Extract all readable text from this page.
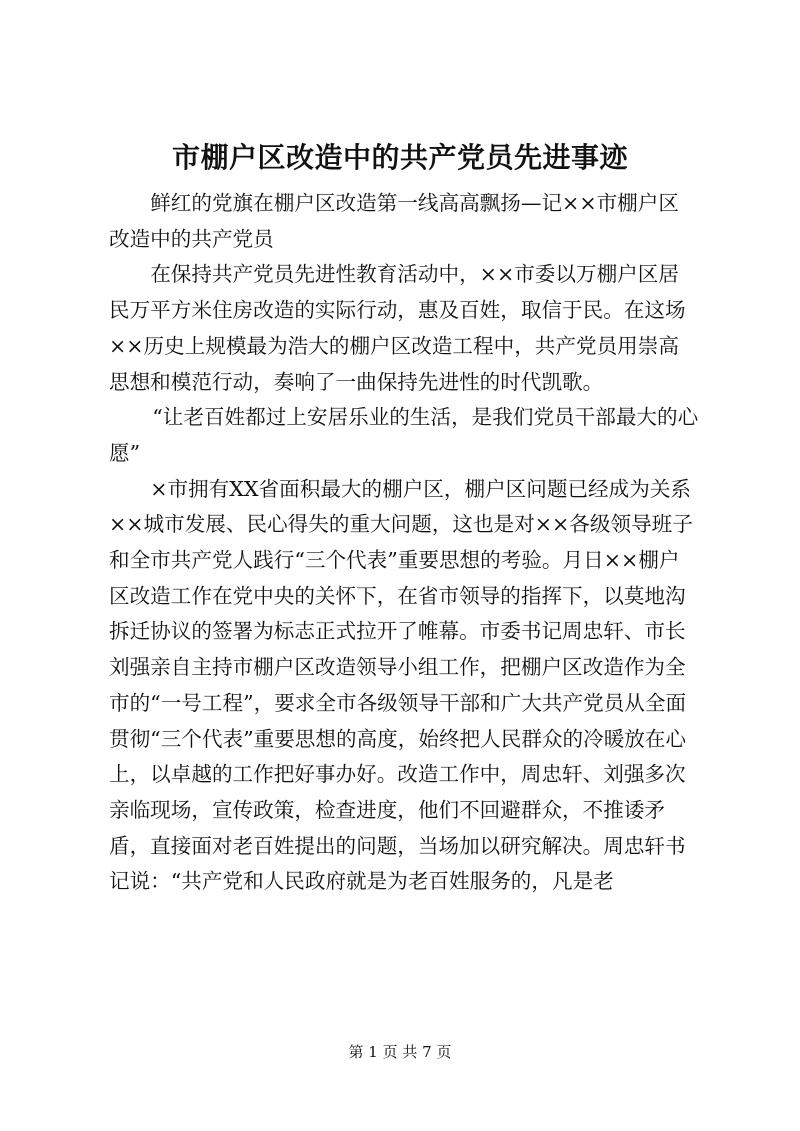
市棚户区改造中的共产党员先进事迹

鲜红的党旗在棚户区改造第一线高高飘扬—记××市棚户区改造中的共产党员

在保持共产党员先进性教育活动中，××市委以万棚户区居民万平方米住房改造的实际行动，惠及百姓，取信于民。在这场××历史上规模最为浩大的棚户区改造工程中，共产党员用崇高思想和模范行动，奏响了一曲保持先进性的时代凯歌。

“让老百姓都过上安居乐业的生活，是我们党员干部最大的心愿”

×市拥有XX省面积最大的棚户区，棚户区问题已经成为关系××城市发展、民心得失的重大问题，这也是对××各级领导班子和全市共产党人践行“三个代表”重要思想的考验。月日××棚户区改造工作在党中央的关怀下，在省市领导的指挥下，以莫地沟拆迁协议的签署为标志正式拉开了帷幕。市委书记周忠轩、市长刘强亲自主持市棚户区改造领导小组工作，把棚户区改造作为全市的“一号工程”，要求全市各级领导干部和广大共产党员从全面贯彻“三个代表”重要思想的高度，始终把人民群众的冷暖放在心上，以卓越的工作把好事办好。改造工作中，周忠轩、刘强多次亲临现场，宣传政策，检查进度，他们不回避群众，不推诿矛盾，直接面对老百姓提出的问题，当场加以研究解决。周忠轩书记说：“共产党和人民政府就是为老百姓服务的，凡是老

第 1 页 共 7 页
